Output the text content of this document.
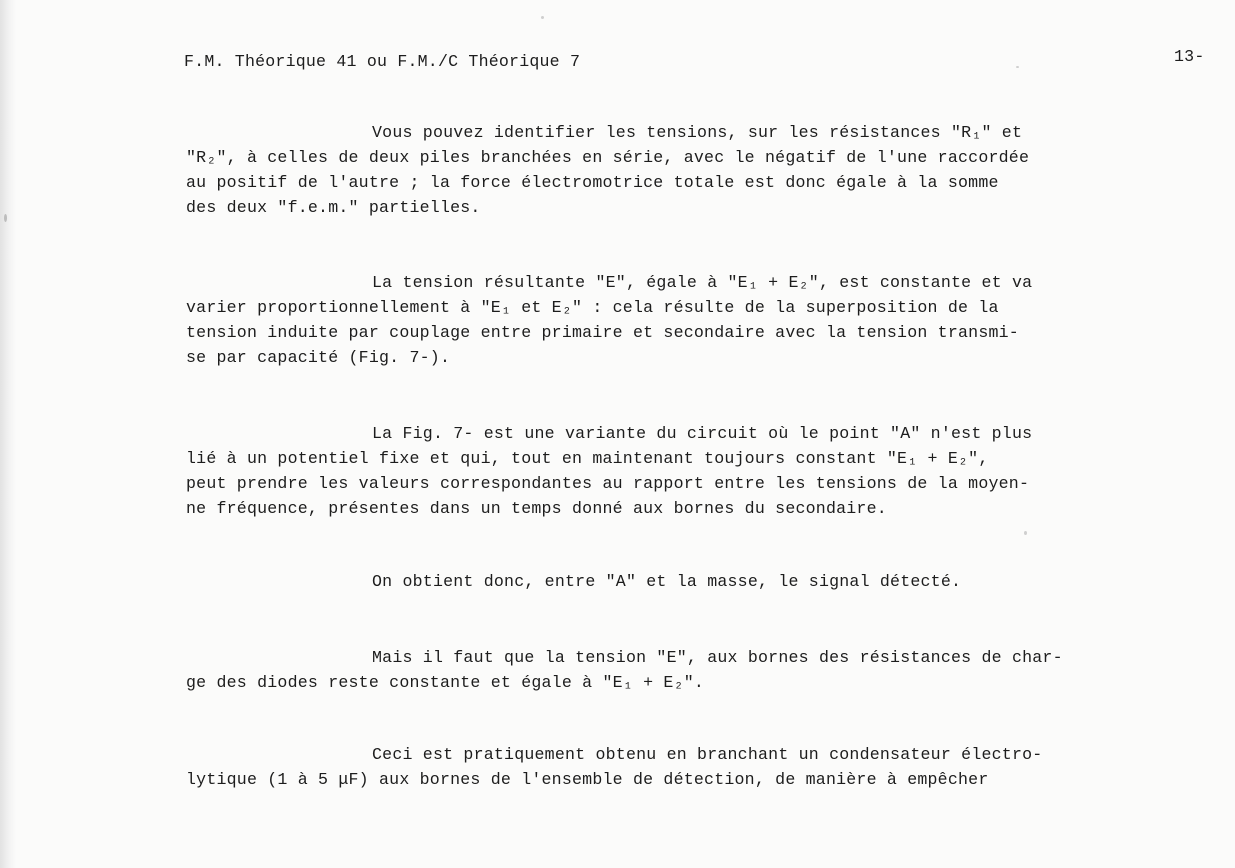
F.M. Théorique 41 ou F.M./C Théorique 7	13-
Vous pouvez identifier les tensions, sur les résistances "R₁" et
"R₂", à celles de deux piles branchées en série, avec le négatif de l'une raccordée
au positif de l'autre ; la force électromotrice totale est donc égale à la somme
des deux "f.e.m." partielles.
La tension résultante "E", égale à "E₁ + E₂", est constante et va
varier proportionnellement à "E₁ et E₂" : cela résulte de la superposition de la
tension induite par couplage entre primaire et secondaire avec la tension transmi-
se par capacité (Fig. 7-).
La Fig. 7- est une variante du circuit où le point "A" n'est plus
lié à un potentiel fixe et qui, tout en maintenant toujours constant "E₁ + E₂",
peut prendre les valeurs correspondantes au rapport entre les tensions de la moyen-
ne fréquence, présentes dans un temps donné aux bornes du secondaire.
On obtient donc, entre "A" et la masse, le signal détecté.
Mais il faut que la tension "E", aux bornes des résistances de char-
ge des diodes reste constante et égale à "E₁ + E₂".
Ceci est pratiquement obtenu en branchant un condensateur électro-
lytique (1 à 5 μF) aux bornes de l'ensemble de détection, de manière à empêcher
